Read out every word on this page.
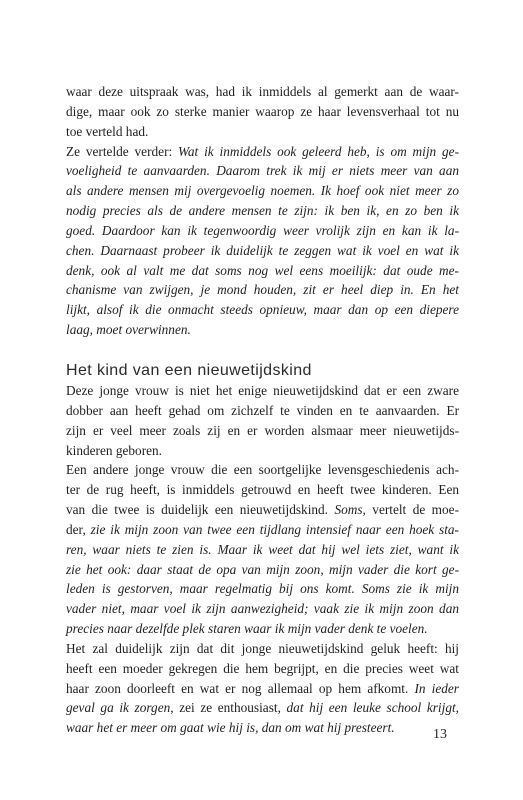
waar deze uitspraak was, had ik inmiddels al gemerkt aan de waar-
dige, maar ook zo sterke manier waarop ze haar levensverhaal tot nu
toe verteld had.
Ze vertelde verder: Wat ik inmiddels ook geleerd heb, is om mijn ge-
voeligheid te aanvaarden. Daarom trek ik mij er niets meer van aan
als andere mensen mij overgevoelig noemen. Ik hoef ook niet meer zo
nodig precies als de andere mensen te zijn: ik ben ik, en zo ben ik
goed. Daardoor kan ik tegenwoordig weer vrolijk zijn en kan ik la-
chen. Daarnaast probeer ik duidelijk te zeggen wat ik voel en wat ik
denk, ook al valt me dat soms nog wel eens moeilijk: dat oude me-
chanisme van zwijgen, je mond houden, zit er heel diep in. En het
lijkt, alsof ik die onmacht steeds opnieuw, maar dan op een diepere
laag, moet overwinnen.
Het kind van een nieuwetijdskind
Deze jonge vrouw is niet het enige nieuwetijdskind dat er een zware
dobber aan heeft gehad om zichzelf te vinden en te aanvaarden. Er
zijn er veel meer zoals zij en er worden alsmaar meer nieuwetijds-
kinderen geboren.
Een andere jonge vrouw die een soortgelijke levensgeschiedenis ach-
ter de rug heeft, is inmiddels getrouwd en heeft twee kinderen. Een
van die twee is duidelijk een nieuwetijdskind. Soms, vertelt de moe-
der, zie ik mijn zoon van twee een tijdlang intensief naar een hoek sta-
ren, waar niets te zien is. Maar ik weet dat hij wel iets ziet, want ik
zie het ook: daar staat de opa van mijn zoon, mijn vader die kort ge-
leden is gestorven, maar regelmatig bij ons komt. Soms zie ik mijn
vader niet, maar voel ik zijn aanwezigheid; vaak zie ik mijn zoon dan
precies naar dezelfde plek staren waar ik mijn vader denk te voelen.
Het zal duidelijk zijn dat dit jonge nieuwetijdskind geluk heeft: hij
heeft een moeder gekregen die hem begrijpt, en die precies weet wat
haar zoon doorleeft en wat er nog allemaal op hem afkomt. In ieder
geval ga ik zorgen, zei ze enthousiast, dat hij een leuke school krijgt,
waar het er meer om gaat wie hij is, dan om wat hij presteert.	13
